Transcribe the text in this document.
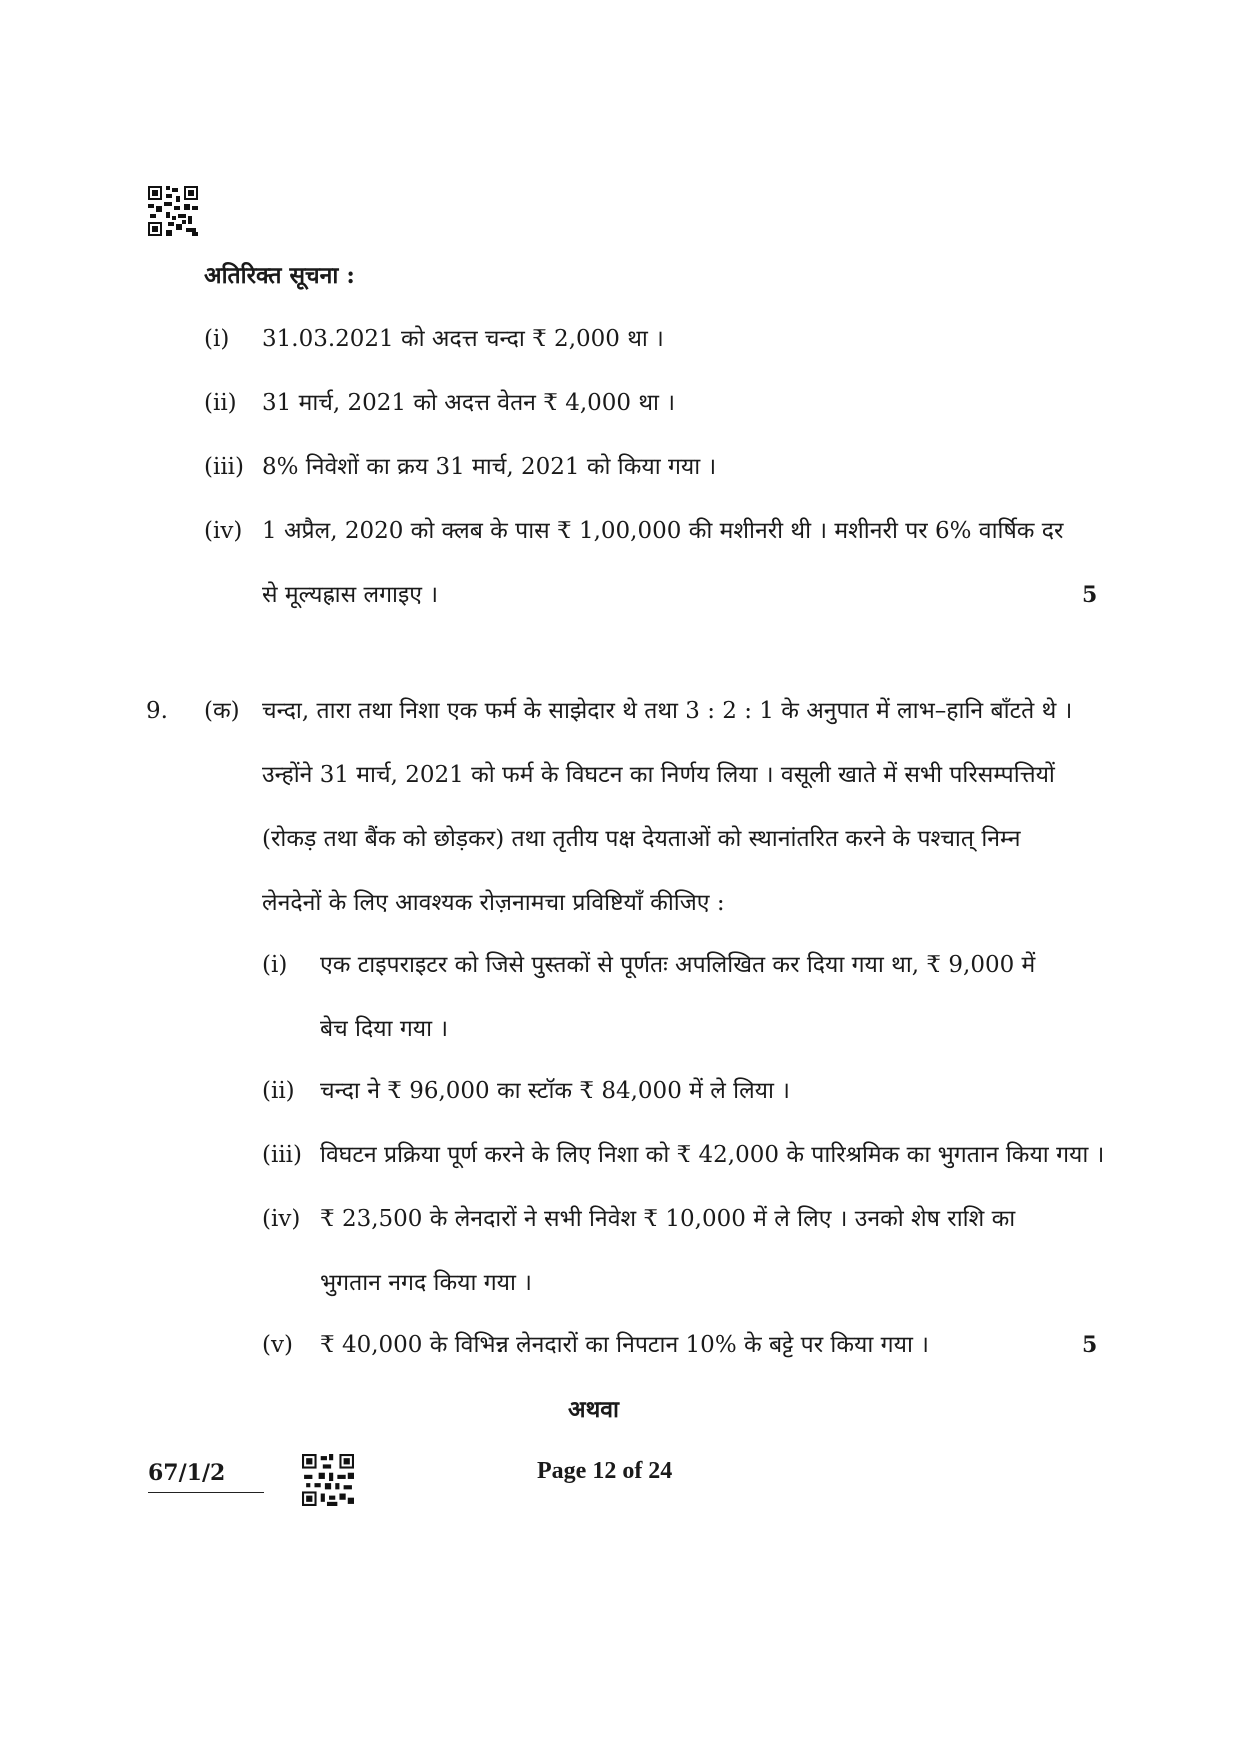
अतिरिक्त सूचना :
(i) 31.03.2021 को अदत्त चन्दा ₹ 2,000 था ।
(ii) 31 मार्च, 2021 को अदत्त वेतन ₹ 4,000 था ।
(iii) 8% निवेशों का क्रय 31 मार्च, 2021 को किया गया ।
(iv) 1 अप्रैल, 2020 को क्लब के पास ₹ 1,00,000 की मशीनरी थी । मशीनरी पर 6% वार्षिक दर
से मूल्यह्रास लगाइए ।	5
9. (क) चन्दा, तारा तथा निशा एक फर्म के साझेदार थे तथा 3 : 2 : 1 के अनुपात में लाभ–हानि बाँटते थे ।
उन्होंने 31 मार्च, 2021 को फर्म के विघटन का निर्णय लिया । वसूली खाते में सभी परिसम्पत्तियों
(रोकड़ तथा बैंक को छोड़कर) तथा तृतीय पक्ष देयताओं को स्थानांतरित करने के पश्चात् निम्न
लेनदेनों के लिए आवश्यक रोज़नामचा प्रविष्टियाँ कीजिए :
(i) एक टाइपराइटर को जिसे पुस्तकों से पूर्णतः अपलिखित कर दिया गया था, ₹ 9,000 में
बेच दिया गया ।
(ii) चन्दा ने ₹ 96,000 का स्टॉक ₹ 84,000 में ले लिया ।
(iii) विघटन प्रक्रिया पूर्ण करने के लिए निशा को ₹ 42,000 के पारिश्रमिक का भुगतान किया गया ।
(iv) ₹ 23,500 के लेनदारों ने सभी निवेश ₹ 10,000 में ले लिए । उनको शेष राशि का
भुगतान नगद किया गया ।
(v) ₹ 40,000 के विभिन्न लेनदारों का निपटान 10% के बट्टे पर किया गया ।	5
अथवा
67/1/2	Page 12 of 24
